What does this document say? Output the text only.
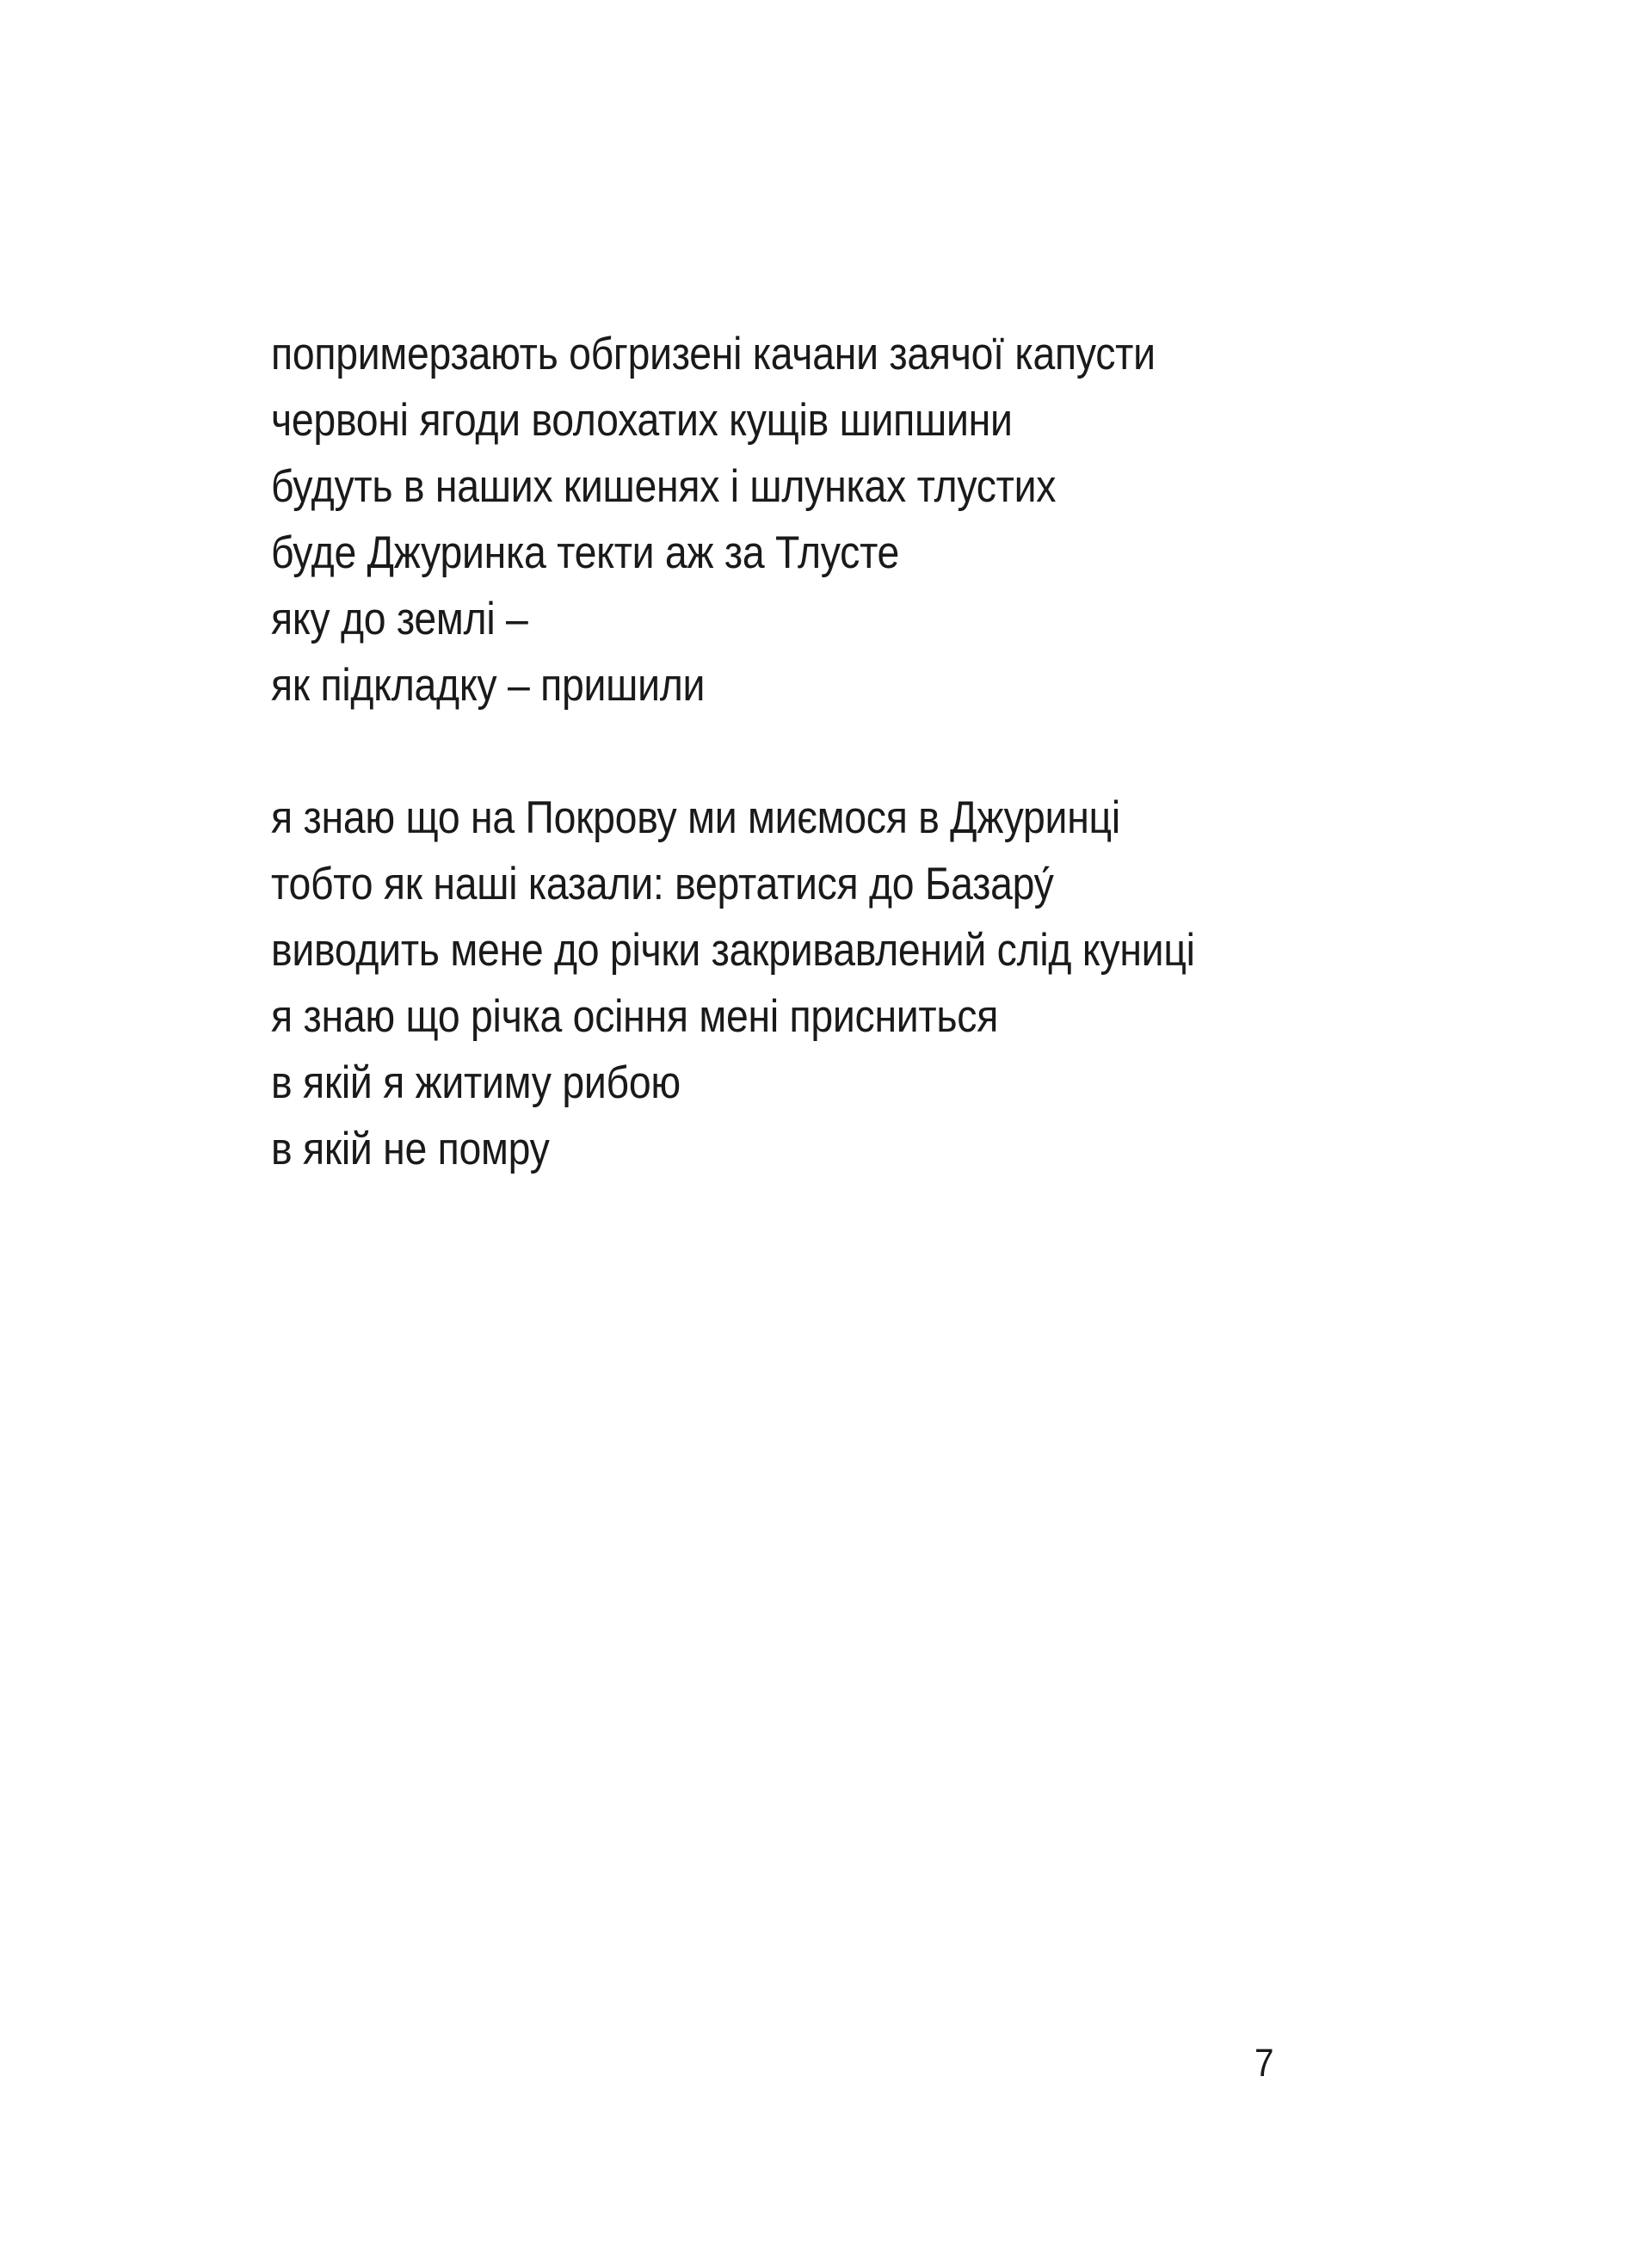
попримерзають обгризені качани заячої капусти
червоні ягоди волохатих кущів шипшини
будуть в наших кишенях і шлунках тлустих
буде Джуринка текти аж за Тлусте
яку до землі –
як підкладку – пришили
я знаю що на Покрову ми миємося в Джуринці
тобто як наші казали: вертатися до Базару́
виводить мене до річки закривавлений слід куниці
я знаю що річка осіння мені присниться
в якій я житиму рибою
в якій не помру
7
